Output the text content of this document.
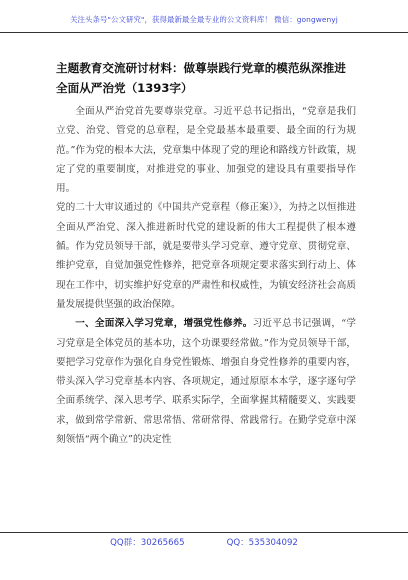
关注头条号"公文研究"，获得最新最全最专业的公文资料库！ 微信：gongwenyj
主题教育交流研讨材料：做尊崇践行党章的模范纵深推进全面从严治党（1393字）

全面从严治党首先要尊崇党章。习近平总书记指出，“党章是我们立党、治党、管党的总章程，是全党最基本最重要、最全面的行为规范。”作为党的根本大法，党章集中体现了党的理论和路线方针政策，规定了党的重要制度，对推进党的事业、加强党的建设具有重要指导作用。

党的二十大审议通过的《中国共产党章程（修正案）》，为持之以恒推进全面从严治党、深入推进新时代党的建设新的伟大工程提供了根本遵循。作为党员领导干部，就是要带头学习党章、遵守党章、贯彻党章、维护党章，自觉加强党性修养，把党章各项规定要求落实到行动上、体现在工作中，切实维护好党章的严肃性和权威性，为镇安经济社会高质量发展提供坚强的政治保障。

一、全面深入学习党章，增强党性修养。习近平总书记强调，“学习党章是全体党员的基本功，这个功课要经常做。”作为党员领导干部，要把学习党章作为强化自身党性锻炼、增强自身党性修养的重要内容，带头深入学习党章基本内容、各项规定，通过原原本本学，逐字逐句学全面系统学、深入思考学、联系实际学，全面掌握其精髓要义、实践要求，做到常学常新、常思常悟、常研常得、常践常行。在勤学党章中深刻领悟“两个确立”的决定性

QQ群：30265665	QQ：535304092
